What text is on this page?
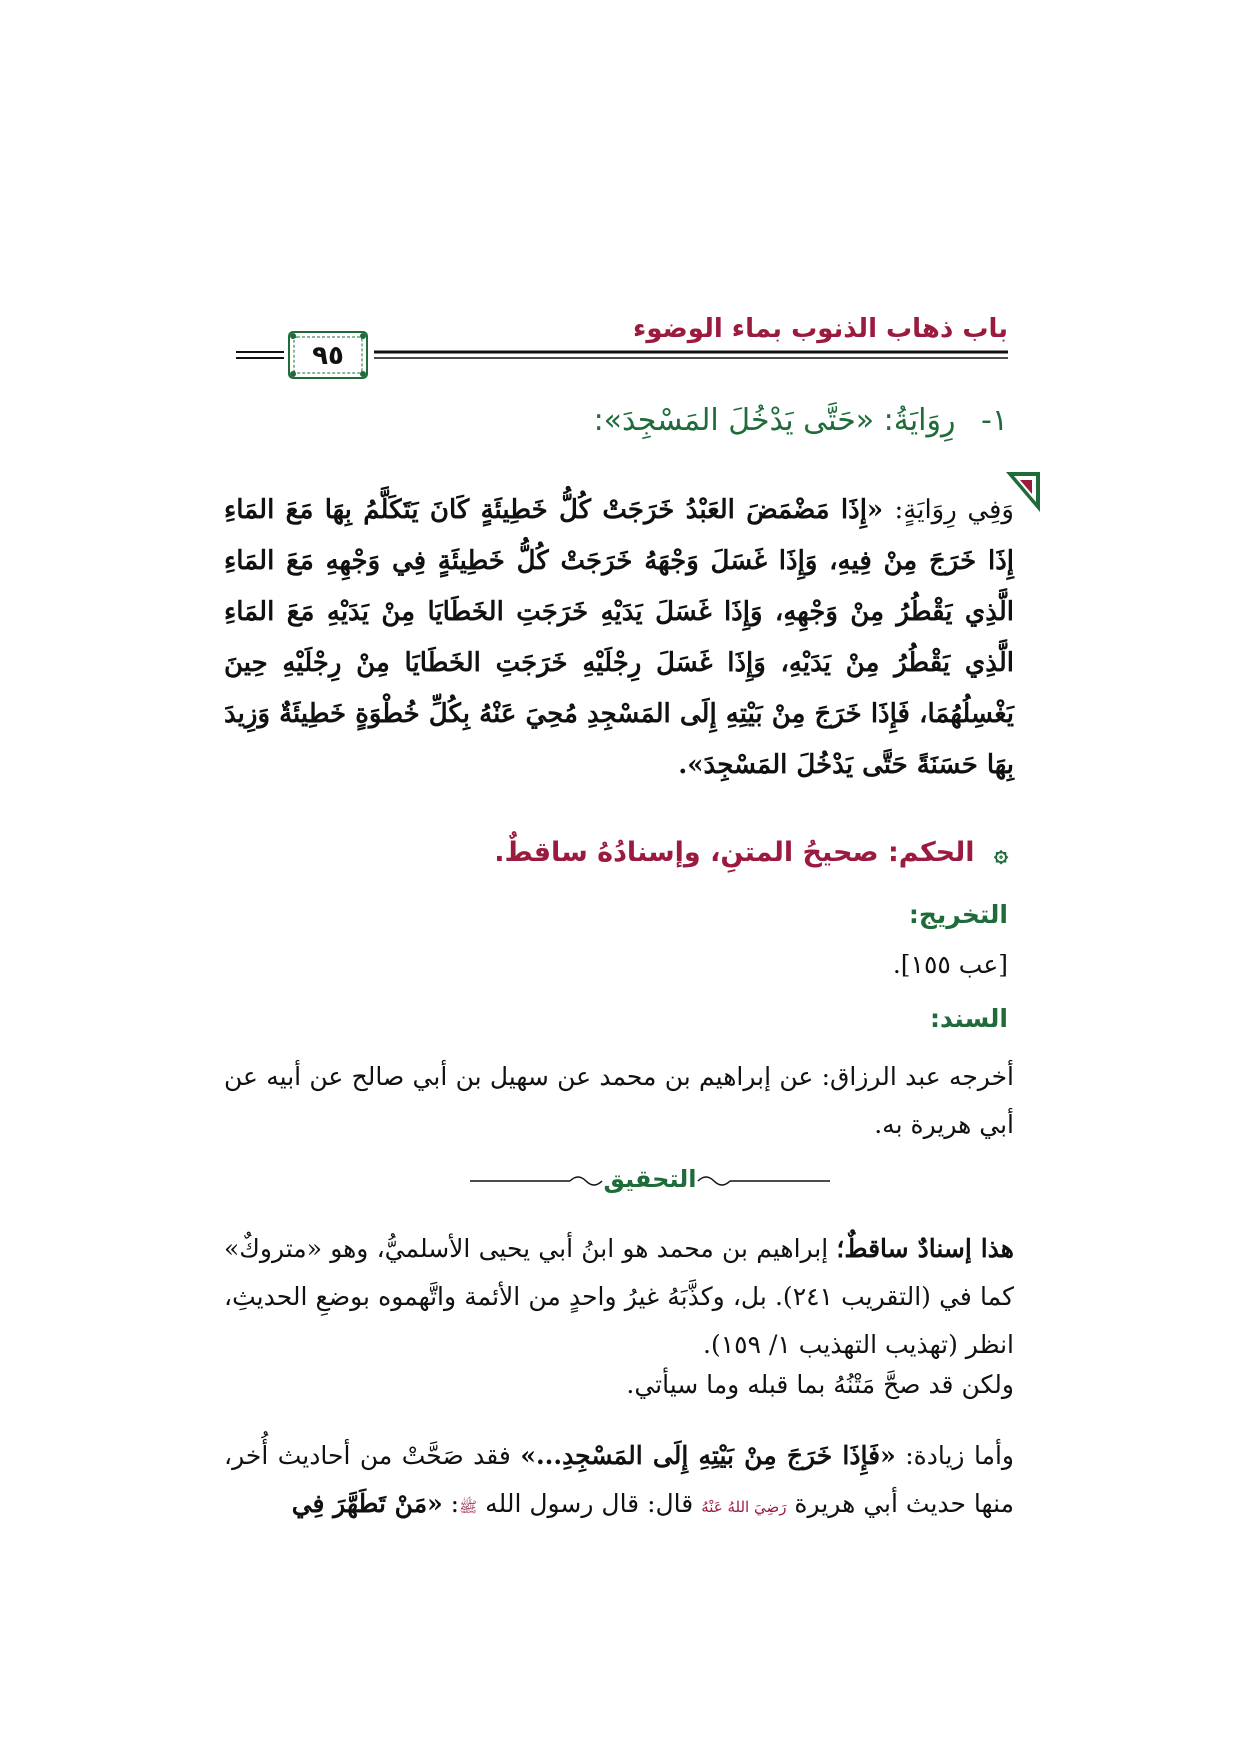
باب ذهاب الذنوب بماء الوضوء
٩٥
١- رِوَايَةُ: «حَتَّى يَدْخُلَ المَسْجِدَ»:
وَفِي رِوَايَةٍ: «إِذَا مَضْمَضَ العَبْدُ خَرَجَتْ كُلُّ خَطِيئَةٍ كَانَ يَتَكَلَّمُ بِهَا مَعَ المَاءِ إِذَا خَرَجَ مِنْ فِيهِ، وَإِذَا غَسَلَ وَجْهَهُ خَرَجَتْ كُلُّ خَطِيئَةٍ فِي وَجْهِهِ مَعَ المَاءِ الَّذِي يَقْطُرُ مِنْ وَجْهِهِ، وَإِذَا غَسَلَ يَدَيْهِ خَرَجَتِ الخَطَايَا مِنْ يَدَيْهِ مَعَ المَاءِ الَّذِي يَقْطُرُ مِنْ يَدَيْهِ، وَإِذَا غَسَلَ رِجْلَيْهِ خَرَجَتِ الخَطَايَا مِنْ رِجْلَيْهِ حِينَ يَغْسِلُهُمَا، فَإِذَا خَرَجَ مِنْ بَيْتِهِ إِلَى المَسْجِدِ مُحِيَ عَنْهُ بِكُلِّ خُطْوَةٍ خَطِيئَةٌ وَزِيدَ بِهَا حَسَنَةً حَتَّى يَدْخُلَ المَسْجِدَ».
۞ الحكم: صحيحُ المتنِ، وإسنادُهُ ساقطٌ.
التخريج:
[عب ١٥٥].
السند:
أخرجه عبد الرزاق: عن إبراهيم بن محمد عن سهيل بن أبي صالح عن أبيه عن أبي هريرة به.
التحقيق
هذا إسنادٌ ساقطٌ؛ إبراهيم بن محمد هو ابنُ أبي يحيى الأسلميُّ، وهو «متروكٌ» كما في (التقريب ٢٤١). بل، وكذَّبَهُ غيرُ واحدٍ من الأئمة واتَّهموه بوضعِ الحديثِ، انظر (تهذيب التهذيب ١/ ١٥٩).
ولكن قد صحَّ مَتْنُهُ بما قبله وما سيأتي.
وأما زيادة: «فَإِذَا خَرَجَ مِنْ بَيْتِهِ إِلَى المَسْجِدِ...» فقد صَحَّتْ من أحاديث أُخر، منها حديث أبي هريرة رَضِيَ اللهُ عَنْهُ قال: قال رسول الله ﷺ: «مَنْ تَطَهَّرَ فِي
